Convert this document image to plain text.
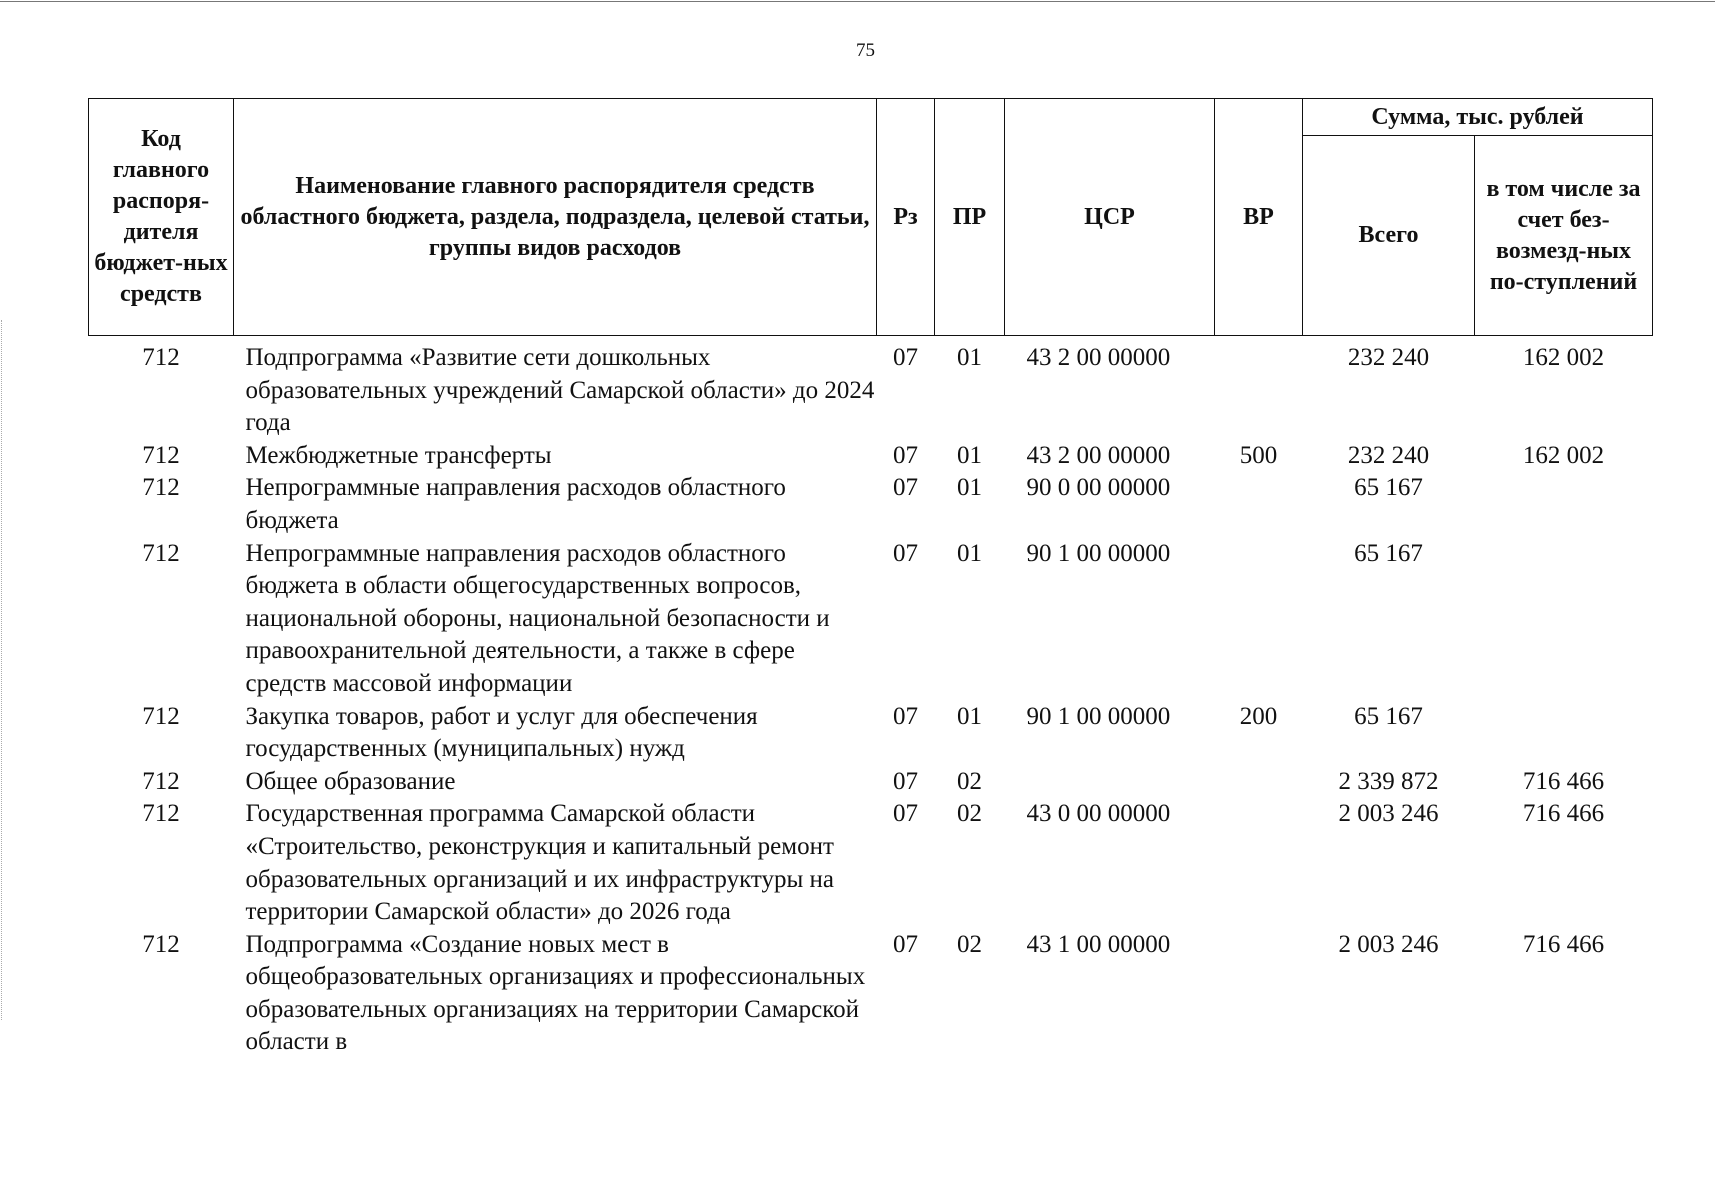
75
Код главного распоря-дителя бюджет-ных средств	Наименование главного распорядителя средств областного бюджета, раздела, подраздела, целевой статьи, группы видов расходов	Рз	ПР	ЦСР	ВР	Сумма, тыс. рублей	
						Всего	в том числе за счет без-возмезд-ных по-ступлений
712	Подпрограмма «Развитие сети дошкольных образовательных учреждений Самарской области» до 2024 года	07	01	43 2 00 00000		232 240	162 002
712	Межбюджетные трансферты	07	01	43 2 00 00000	500	232 240	162 002
712	Непрограммные направления расходов областного бюджета	07	01	90 0 00 00000		65 167	
712	Непрограммные направления расходов областного бюджета в области общегосударственных вопросов, национальной обороны, национальной безопасности и правоохранительной деятельности, а также в сфере средств массовой информации	07	01	90 1 00 00000		65 167	
712	Закупка товаров, работ и услуг для обеспечения государственных (муниципальных) нужд	07	01	90 1 00 00000	200	65 167	
712	Общее образование	07	02			2 339 872	716 466
712	Государственная программа Самарской области «Строительство, реконструкция и капитальный ремонт образовательных организаций и их инфраструктуры на территории Самарской области» до 2026 года	07	02	43 0 00 00000		2 003 246	716 466
712	Подпрограмма «Создание новых мест в общеобразовательных организациях и профессиональных образовательных организациях на территории Самарской области в	07	02	43 1 00 00000		2 003 246	716 466
